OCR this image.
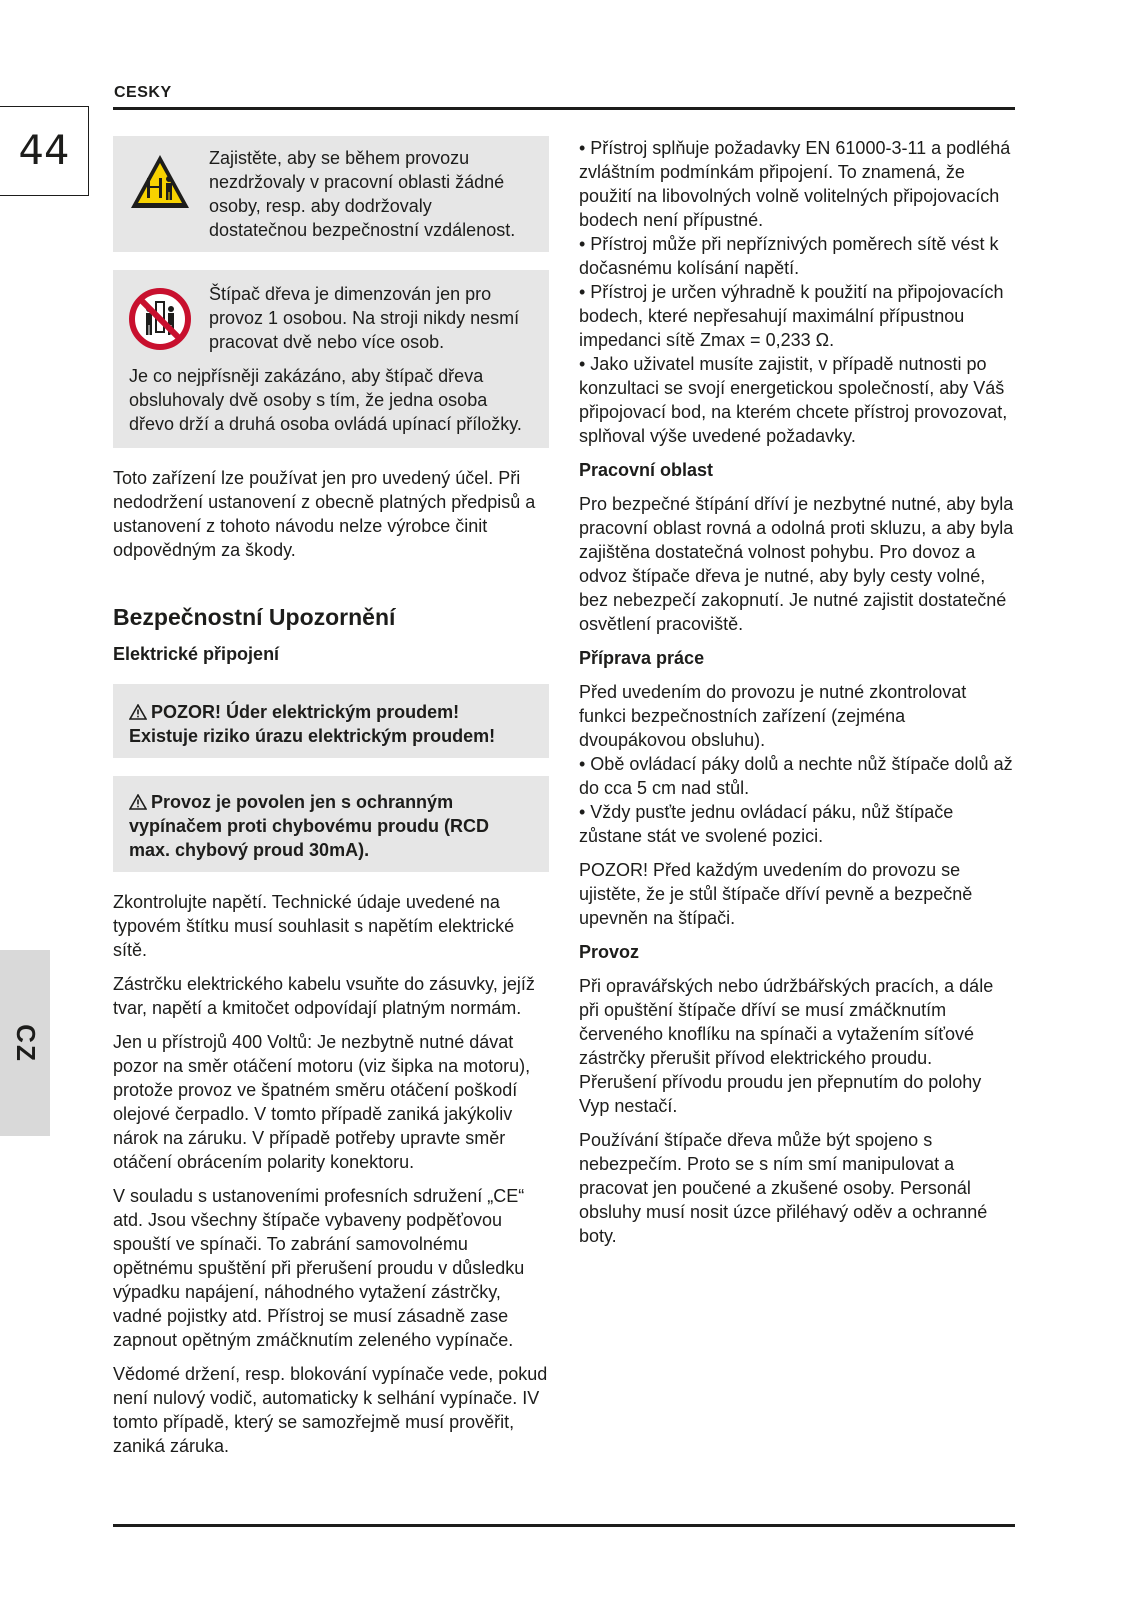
CESKY
44
CZ
Zajistěte, aby se během provozu nezdržovaly v pracovní oblasti žádné osoby, resp. aby dodržovaly dostatečnou bezpečnostní vzdálenost.
Štípač dřeva je dimenzován jen pro provoz 1 osobou. Na stroji nikdy nesmí pracovat dvě nebo více osob.

Je co nejpřísněji zakázáno, aby štípač dřeva obsluhovaly dvě osoby s tím, že jedna osoba dřevo drží a druhá osoba ovládá upínací příložky.

Toto zařízení lze používat jen pro uvedený účel. Při nedodržení ustanovení z obecně platných předpisů a ustanovení z tohoto návodu nelze výrobce činit odpovědným za škody.

Bezpečnostní Upozornění

Elektrické připojení

POZOR! Úder elektrickým proudem! Existuje riziko úrazu elektrickým proudem!
Provoz je povolen jen s ochranným vypínačem proti chybovému proudu (RCD max. chybový proud 30mA).

Zkontrolujte napětí. Technické údaje uvedené na typovém štítku musí souhlasit s napětím elektrické sítě.

Zástrčku elektrického kabelu vsuňte do zásuvky, jejíž tvar, napětí a kmitočet odpovídají platným normám.

Jen u přístrojů 400 Voltů: Je nezbytně nutné dávat pozor na směr otáčení motoru (viz šipka na motoru), protože provoz ve špatném směru otáčení poškodí olejové čerpadlo. V tomto případě zaniká jakýkoliv nárok na záruku. V případě potřeby upravte směr otáčení obrácením polarity konektoru.

V souladu s ustanoveními profesních sdružení „CE“ atd. Jsou všechny štípače vybaveny podpěťovou spouští ve spínači. To zabrání samovolnému opětnému spuštění při přerušení proudu v důsledku výpadku napájení, náhodného vytažení zástrčky, vadné pojistky atd. Přístroj se musí zásadně zase zapnout opětným zmáčknutím zeleného vypínače.

Vědomé držení, resp. blokování vypínače vede, pokud není nulový vodič, automaticky k selhání vypínače. IV tomto případě, který se samozřejmě musí prověřit, zaniká záruka.

• Přístroj splňuje požadavky EN 61000-3-11 a podléhá zvláštním podmínkám připojení. To znamená, že použití na libovolných volně volitelných připojovacích bodech není přípustné.

• Přístroj může při nepříznivých poměrech sítě vést k dočasnému kolísání napětí.

• Přístroj je určen výhradně k použití na připojovacích bodech, které nepřesahují maximální přípustnou impedanci sítě Zmax = 0,233 Ω.

• Jako uživatel musíte zajistit, v případě nutnosti po konzultaci se svojí energetickou společností, aby Váš připojovací bod, na kterém chcete přístroj provozovat, splňoval výše uvedené požadavky.

Pracovní oblast

Pro bezpečné štípání dříví je nezbytné nutné, aby byla pracovní oblast rovná a odolná proti skluzu, a aby byla zajištěna dostatečná volnost pohybu. Pro dovoz a odvoz štípače dřeva je nutné, aby byly cesty volné, bez nebezpečí zakopnutí. Je nutné zajistit dostatečné osvětlení pracoviště.

Příprava práce

Před uvedením do provozu je nutné zkontrolovat funkci bezpečnostních zařízení (zejména dvoupákovou obsluhu).

• Obě ovládací páky dolů a nechte nůž štípače dolů až do cca 5 cm nad stůl.

• Vždy pusťte jednu ovládací páku, nůž štípače zůstane stát ve svolené pozici.

POZOR! Před každým uvedením do provozu se ujistěte, že je stůl štípače dříví pevně a bezpečně upevněn na štípači.

Provoz

Při opravářských nebo údržbářských pracích, a dále při opuštění štípače dříví se musí zmáčknutím červeného knoflíku na spínači a vytažením síťové zástrčky přerušit přívod elektrického proudu. Přerušení přívodu proudu jen přepnutím do polohy Vyp nestačí.

Používání štípače dřeva může být spojeno s nebezpečím. Proto se s ním smí manipulovat a pracovat jen poučené a zkušené osoby. Personál obsluhy musí nosit úzce přiléhavý oděv a ochranné boty.
